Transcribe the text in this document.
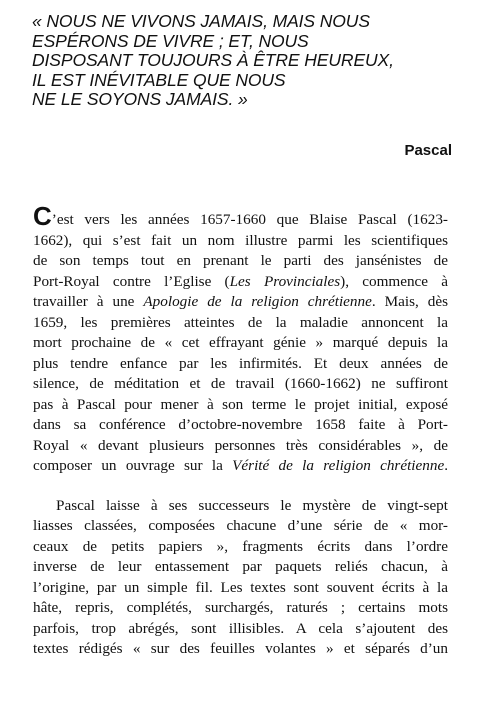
« NOUS NE VIVONS JAMAIS, MAIS NOUS
ESPÉRONS DE VIVRE ; ET, NOUS
DISPOSANT TOUJOURS À ÊTRE HEUREUX,
IL EST INÉVITABLE QUE NOUS
NE LE SOYONS JAMAIS. »
Pascal
C’est vers les années 1657-1660 que Blaise Pascal (1623-
1662), qui s’est fait un nom illustre parmi les scientifiques
de son temps tout en prenant le parti des jansénistes de
Port-Royal contre l’Eglise (Les Provinciales), commence à
travailler à une Apologie de la religion chrétienne. Mais, dès
1659, les premières atteintes de la maladie annoncent la
mort prochaine de « cet effrayant génie » marqué depuis la
plus tendre enfance par les infirmités. Et deux années de
silence, de méditation et de travail (1660-1662) ne suffiront
pas à Pascal pour mener à son terme le projet initial, exposé
dans sa conférence d’octobre-novembre 1658 faite à Port-
Royal « devant plusieurs personnes très considérables », de
composer un ouvrage sur la Vérité de la religion chrétienne.
Pascal laisse à ses successeurs le mystère de vingt-sept
liasses classées, composées chacune d’une série de « mor-
ceaux de petits papiers », fragments écrits dans l’ordre
inverse de leur entassement par paquets reliés chacun, à
l’origine, par un simple fil. Les textes sont souvent écrits à la
hâte, repris, complétés, surchargés, raturés ; certains mots
parfois, trop abrégés, sont illisibles. A cela s’ajoutent des
textes rédigés « sur des feuilles volantes » et séparés d’un
